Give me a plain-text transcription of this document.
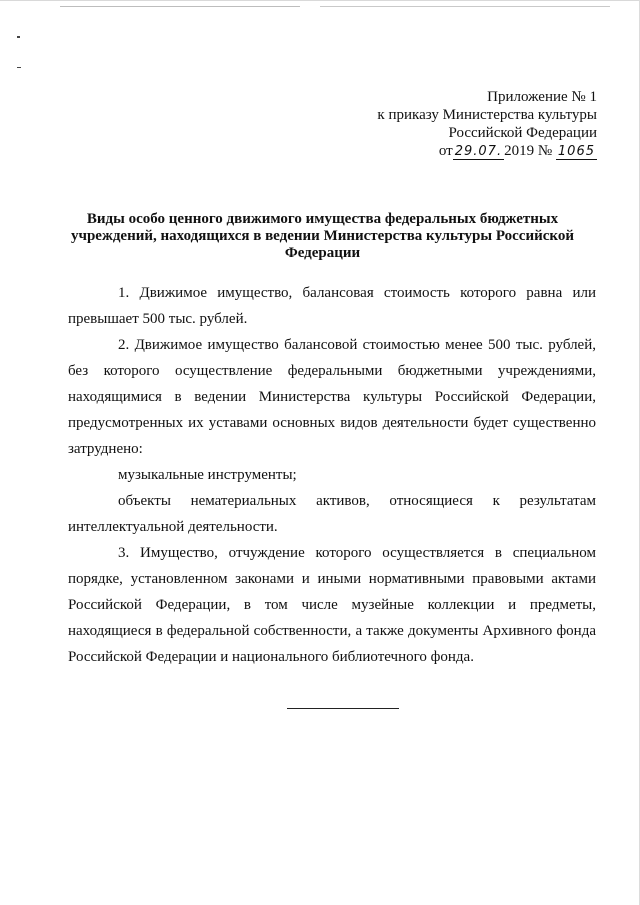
Приложение № 1
к приказу Министерства культуры
Российской Федерации
от 29.07. 2019 № 1065
Виды особо ценного движимого имущества федеральных бюджетных учреждений, находящихся в ведении Министерства культуры Российской Федерации

1. Движимое имущество, балансовая стоимость которого равна или превышает 500 тыс. рублей.

2. Движимое имущество балансовой стоимостью менее 500 тыс. рублей, без которого осуществление федеральными бюджетными учреждениями, находящимися в ведении Министерства культуры Российской Федерации, предусмотренных их уставами основных видов деятельности будет существенно затруднено:

музыкальные инструменты;

объекты нематериальных активов, относящиеся к результатам интеллектуальной деятельности.

3. Имущество, отчуждение которого осуществляется в специальном порядке, установленном законами и иными нормативными правовыми актами Российской Федерации, в том числе музейные коллекции и предметы, находящиеся в федеральной собственности, а также документы Архивного фонда Российской Федерации и национального библиотечного фонда.
